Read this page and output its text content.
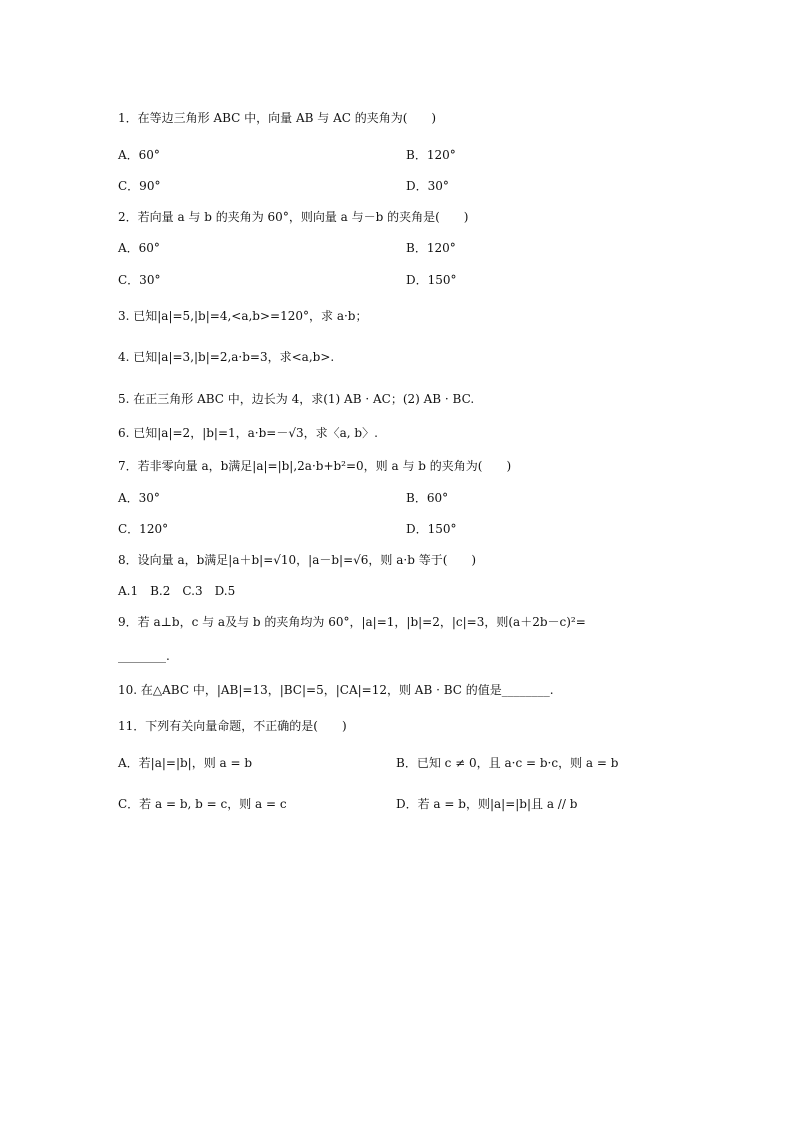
1．在等边三角形 ABC 中，向量 AB 与 AC 的夹角为(　　)
A．60°	B．120°
C．90°	D．30°
2．若向量 a 与 b 的夹角为 60°，则向量 a 与－b 的夹角是(　　)
A．60°	B．120°
C．30°	D．150°
3. 已知|a|=5,|b|=4,<a,b>=120°，求 a·b；
4. 已知|a|=3,|b|=2,a·b=3，求<a,b>.
5. 在正三角形 ABC 中，边长为 4，求(1) AB · AC；(2) AB · BC.
6. 已知|a|=2，|b|=1，a·b=－√3，求〈a, b〉.
7．若非零向量 a，b满足|a|=|b|,2a·b+b²=0，则 a 与 b 的夹角为(　　)
A．30°	B．60°
C．120°	D．150°
8．设向量 a，b满足|a＋b|=√10，|a－b|=√6，则 a·b 等于(　　)
A.1　B.2　C.3　D.5
9．若 a⊥b，c 与 a及与 b 的夹角均为 60°，|a|=1，|b|=2，|c|=3，则(a＋2b－c)²=
________.
10. 在△ABC 中，|AB|=13，|BC|=5，|CA|=12，则 AB · BC 的值是________.
11．下列有关向量命题，不正确的是(　　)
A．若|a|=|b|，则 a = b	B．已知 c ≠ 0，且 a·c = b·c，则 a = b
C．若 a = b, b = c，则 a = c	D．若 a = b，则|a|=|b|且 a // b
